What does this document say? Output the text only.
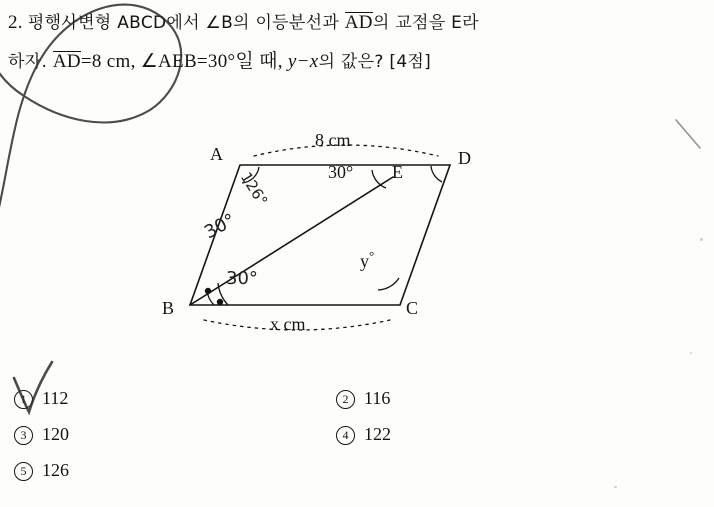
2. 평행사변형 ABCD에서 ∠B의 이등분선과 AD의 교점을 E라
하자. AD=8 cm, ∠AEB=30°일 때, y−x의 값은? [4점]
A	D
B	C
E
8 cm
x cm
30°
y°
126°
30°
30°
1 112	2 116
3 120	4 122
5 126
